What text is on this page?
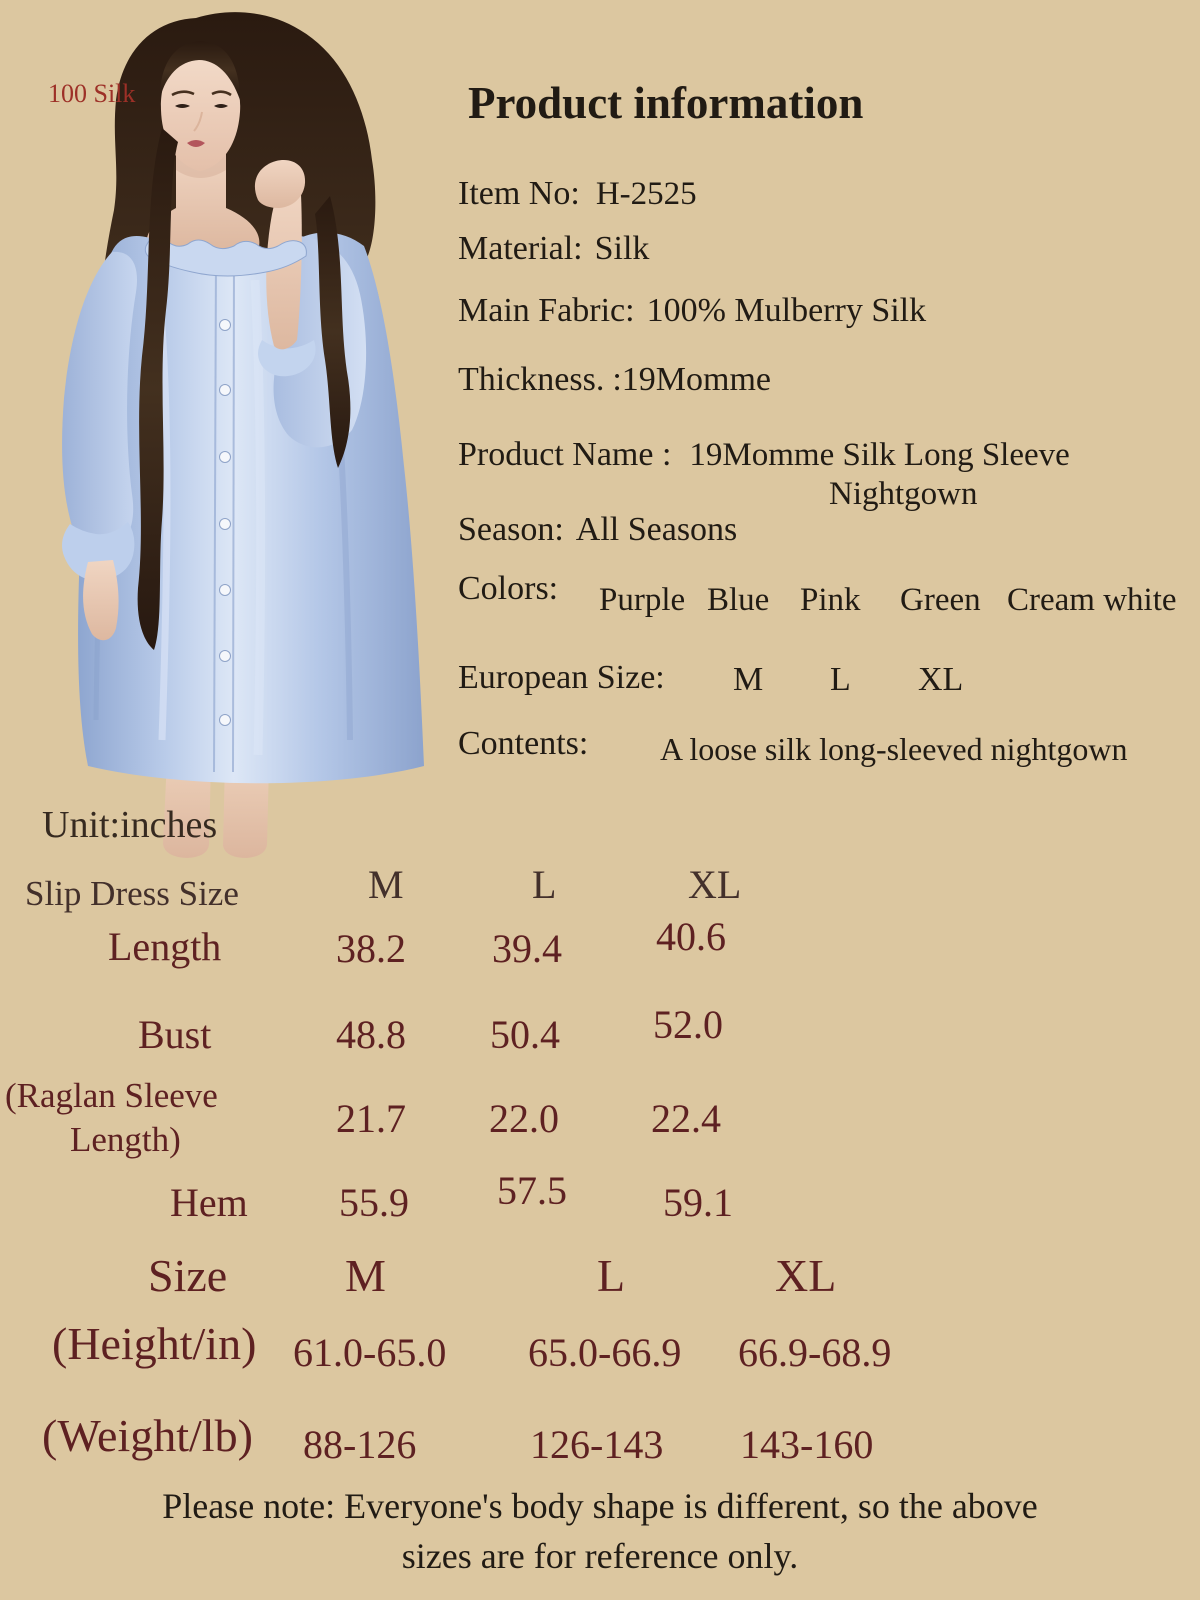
100 Silk	Product information
Item No: H-2525
Material: Silk
Main Fabric: 100% Mulberry Silk
Thickness. :19Momme
Product Name : 19Momme Silk Long Sleeve
Nightgown
Season: All Seasons
Colors: Purple Blue Pink Green Cream white
European Size: M L XL
Contents: A loose silk long-sleeved nightgown
Unit:inches
Slip Dress Size	M	L	XL
Length	38.2 39.4 40.6
Bust	48.8 50.4 52.0
(Raglan Sleeve
Length)	21.7 22.0 22.4
Hem 55.9 57.5 59.1
Size	M	L	XL
(Height/in) 61.0-65.0 65.0-66.9 66.9-68.9
(Weight/lb) 88-126	126-143 143-160
Please note: Everyone's body shape is different, so the above
sizes are for reference only.
